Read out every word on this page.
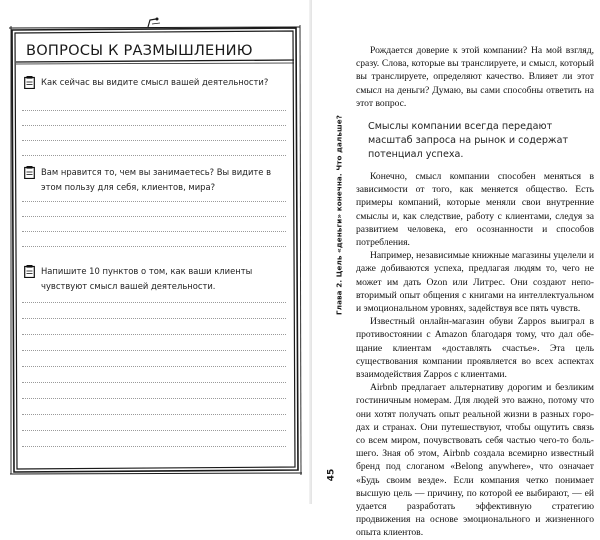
ВОПРОСЫ К РАЗМЫШЛЕНИЮ
Как сейчас вы видите смысл вашей деятельности?
Вам нравится то, чем вы занимаетесь? Вы видите в этом пользу для себя, клиентов, мира?
Напишите 10 пунктов о том, как ваши клиенты чувствуют смысл вашей деятельности.	Глава 2. Цель «деньги» конечна. Что дальше?
45

Рождается доверие к этой компании? На мой взгляд, сразу. Слова, которые вы транслируете, и смысл, который вы транслируете, определяют качество. Влияет ли этот смысл на деньги? Думаю, вы сами способны ответить на этот вопрос.

Смыслы компании всегда передают масштаб запроса на рынок и содержат потенциал успеха.

Конечно, смысл компании способен меняться в зависимости от того, как меняется общество. Есть примеры компаний, которые меняли свои внутренние смыслы и, как следствие, работу с клиентами, следуя за развитием человека, его осознанности и способов потребления.

Например, независимые книжные магазины уцелели и даже добиваются успеха, предлагая людям то, чего не может им дать Ozon или Литрес. Они создают неповторимый опыт общения с книгами на интеллектуальном и эмоциональном уровнях, задействуя все пять чувств.

Известный онлайн-магазин обуви Zappos выиграл в противостоянии с Amazon благодаря тому, что дал обещание клиентам «доставлять счастье». Эта цель существования компании проявляется во всех аспектах взаимодействия Zappos с клиентами.

Airbnb предлагает альтернативу дорогим и безликим гостиничным номерам. Для людей это важно, потому что они хотят получать опыт реальной жизни в разных городах и странах. Они путешествуют, чтобы ощутить связь со всем миром, почувствовать себя частью чего-то большего. Зная об этом, Airbnb создала всемирно известный бренд под слоганом «Belong anywhere», что означает «Будь своим везде». Если компания четко понимает высшую цель — причину, по которой ее выбирают, — ей удается разработать эффективную стратегию продвижения на основе эмоционального и жизненного опыта клиентов.
